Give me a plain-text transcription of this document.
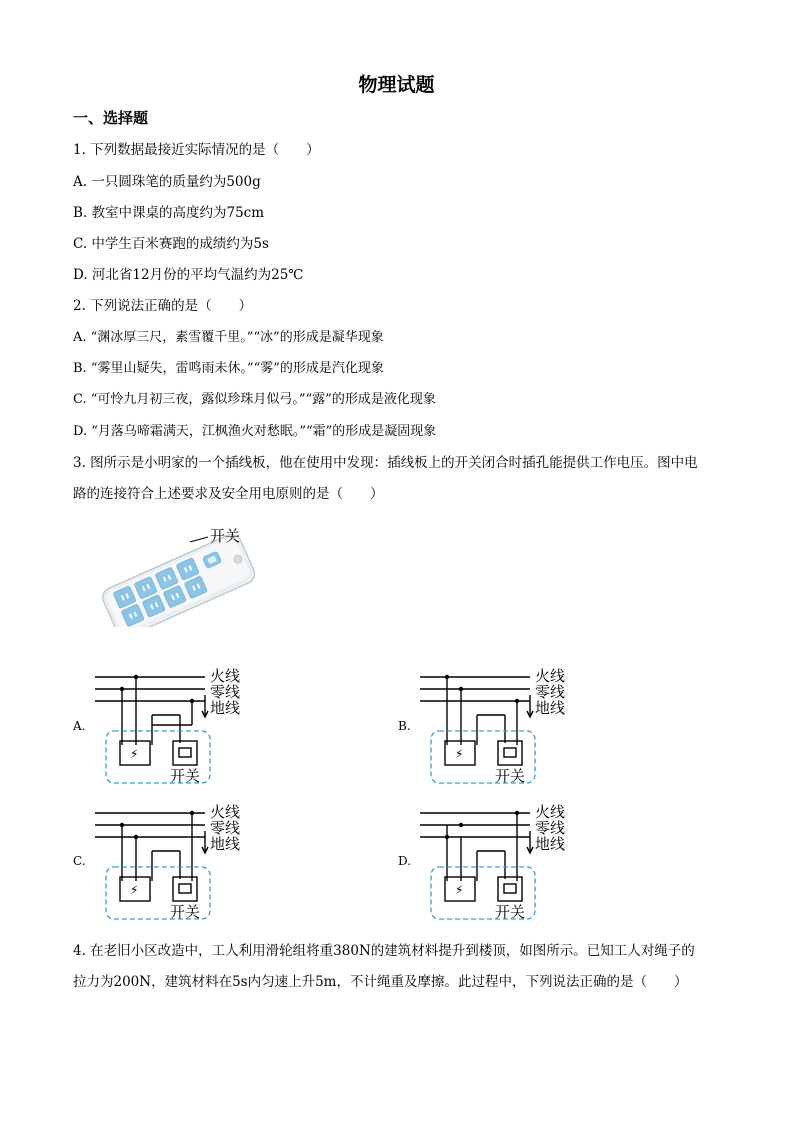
物理试题
一、选择题
1. 下列数据最接近实际情况的是（　　）
A. 一只圆珠笔的质量约为500g
B. 教室中课桌的高度约为75cm
C. 中学生百米赛跑的成绩约为5s
D. 河北省12月份的平均气温约为25℃
2. 下列说法正确的是（　　）
A. “渊冰厚三尺，素雪覆千里。”“冰”的形成是凝华现象
B. “雾里山疑失，雷鸣雨未休。”“雾”的形成是汽化现象
C. “可怜九月初三夜，露似珍珠月似弓。”“露”的形成是液化现象
D. “月落乌啼霜满天，江枫渔火对愁眠。”“霜”的形成是凝固现象
3. 图所示是小明家的一个插线板，他在使用中发现：插线板上的开关闭合时插孔能提供工作电压。图中电
路的连接符合上述要求及安全用电原则的是（　　）
开关
⚡
火线
零线
地线
开关
⚡
火线
零线
地线
开关
⚡
火线
零线
地线
开关
⚡
火线
零线
地线
开关
A.	B.
C.	D.
4. 在老旧小区改造中，工人利用滑轮组将重380N的建筑材料提升到楼顶，如图所示。已知工人对绳子的
拉力为200N，建筑材料在5s内匀速上升5m，不计绳重及摩擦。此过程中，下列说法正确的是（　　）
